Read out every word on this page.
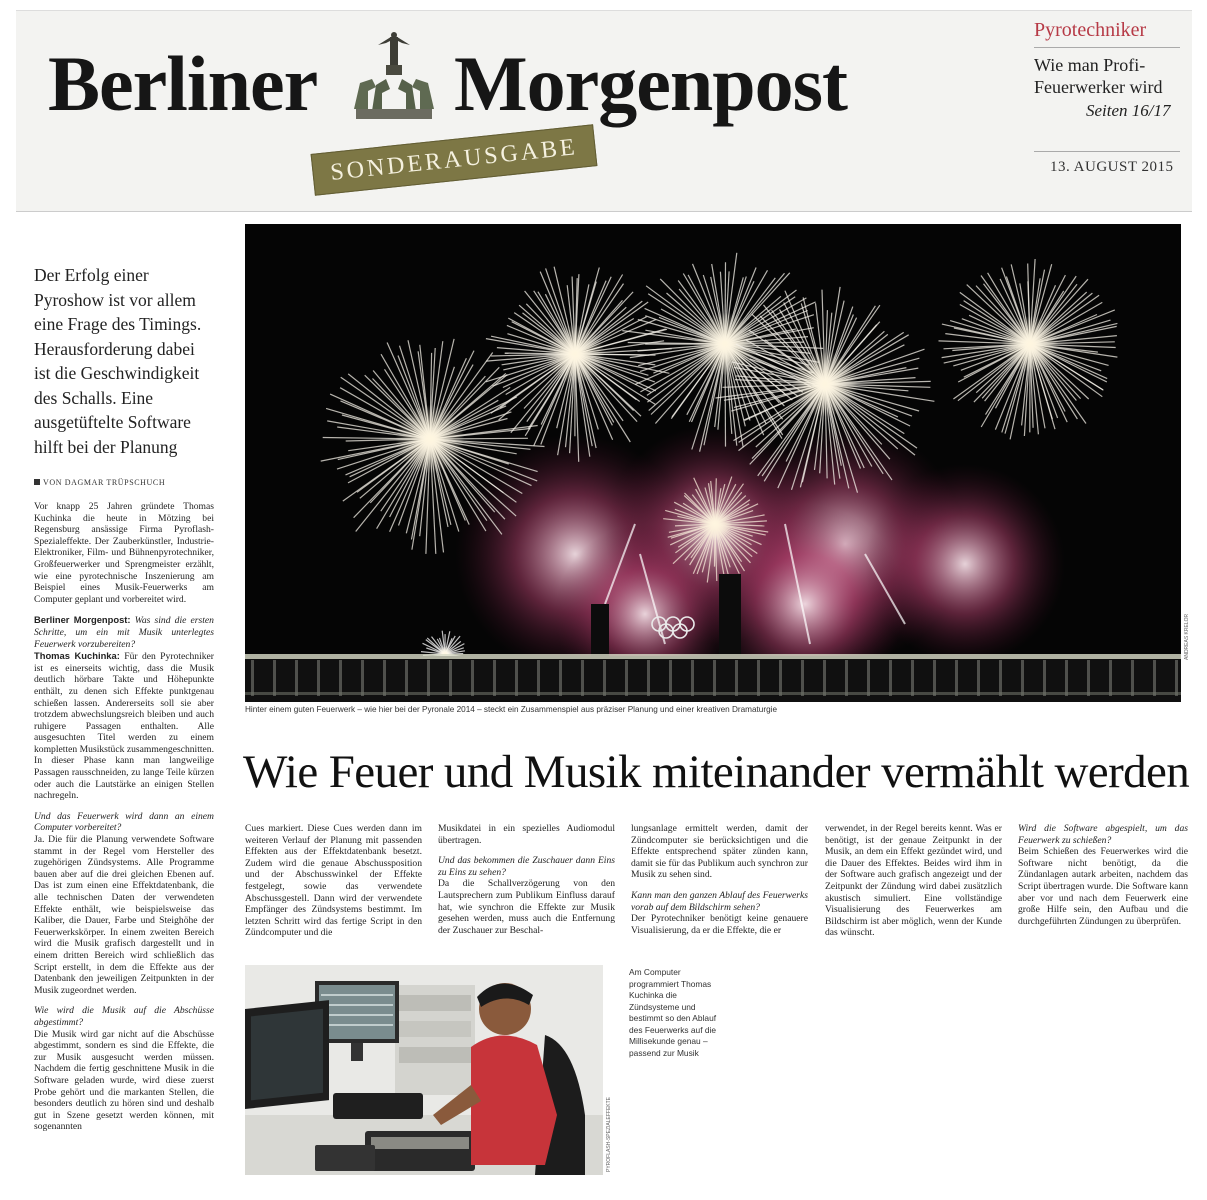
Berliner Morgenpost
SONDERAUSGABE
Pyrotechniker
Wie man Profi-
Feuerwerker wird
Seiten 16/17
13. AUGUST 2015
Der Erfolg einer Pyroshow ist vor allem eine Frage des Timings. Herausforderung dabei ist die Geschwindigkeit des Schalls. Eine ausgetüftelte Software hilft bei der Planung
VON DAGMAR TRÜPSCHUCH

Vor knapp 25 Jahren gründete Thomas Kuchinka die heute in Mötzing bei Regensburg ansässige Firma Pyroflash-Spezialeffekte. Der Zauberkünstler, Industrie-Elektroniker, Film- und Bühnenpyrotechniker, Großfeuerwerker und Sprengmeister erzählt, wie eine pyrotechnische Inszenierung am Beispiel eines Musik-Feuerwerks am Computer geplant und vorbereitet wird.

Berliner Morgenpost: Was sind die ersten Schritte, um ein mit Musik unterlegtes Feuerwerk vorzubereiten?

Thomas Kuchinka: Für den Pyrotechniker ist es einerseits wichtig, dass die Musik deutlich hörbare Takte und Höhepunkte enthält, zu denen sich Effekte punktgenau schießen lassen. Andererseits soll sie aber trotzdem abwechslungsreich bleiben und auch ruhigere Passagen enthalten. Alle ausgesuchten Titel werden zu einem kompletten Musikstück zusammengeschnitten. In dieser Phase kann man langweilige Passagen rausschneiden, zu lange Teile kürzen oder auch die Lautstärke an einigen Stellen nachregeln.

Und das Feuerwerk wird dann an einem Computer vorbereitet?

Ja. Die für die Planung verwendete Software stammt in der Regel vom Hersteller des zugehörigen Zündsystems. Alle Programme bauen aber auf die drei gleichen Ebenen auf. Das ist zum einen eine Effektdatenbank, die alle technischen Daten der verwendeten Effekte enthält, wie beispielsweise das Kaliber, die Dauer, Farbe und Steighöhe der Feuerwerkskörper. In einem zweiten Bereich wird die Musik grafisch dargestellt und in einem dritten Bereich wird schließlich das Script erstellt, in dem die Effekte aus der Datenbank den jeweiligen Zeitpunkten in der Musik zugeordnet werden.

Wie wird die Musik auf die Abschüsse abgestimmt?

Die Musik wird gar nicht auf die Abschüsse abgestimmt, sondern es sind die Effekte, die zur Musik ausgesucht werden müssen. Nachdem die fertig geschnittene Musik in die Software geladen wurde, wird diese zuerst Probe gehört und die markanten Stellen, die besonders deutlich zu hören sind und deshalb gut in Szene gesetzt werden können, mit sogenannten

ANDREAS KRELOR
Hinter einem guten Feuerwerk – wie hier bei der Pyronale 2014 – steckt ein Zusammenspiel aus präziser Planung und einer kreativen Dramaturgie
Wie Feuer und Musik miteinander vermählt werden

Cues markiert. Diese Cues werden dann im weiteren Verlauf der Planung mit passenden Effekten aus der Effektdatenbank besetzt. Zudem wird die genaue Abschussposition und der Abschusswinkel der Effekte festgelegt, sowie das verwendete Abschussgestell. Dann wird der verwendete Empfänger des Zündsystems bestimmt. Im letzten Schritt wird das fertige Script in den Zündcomputer und die

Musikdatei in ein spezielles Audiomodul übertragen.

Und das bekommen die Zuschauer dann Eins zu Eins zu sehen?

Da die Schallverzögerung von den Lautsprechern zum Publikum Einfluss darauf hat, wie synchron die Effekte zur Musik gesehen werden, muss auch die Entfernung der Zuschauer zur Beschal-

lungsanlage ermittelt werden, damit der Zündcomputer sie berücksichtigen und die Effekte entsprechend später zünden kann, damit sie für das Publikum auch synchron zur Musik zu sehen sind.

Kann man den ganzen Ablauf des Feuerwerks vorab auf dem Bildschirm sehen?

Der Pyrotechniker benötigt keine genauere Visualisierung, da er die Effekte, die er

verwendet, in der Regel bereits kennt. Was er benötigt, ist der genaue Zeitpunkt in der Musik, an dem ein Effekt gezündet wird, und die Dauer des Effektes. Beides wird ihm in der Software auch grafisch angezeigt und der Zeitpunkt der Zündung wird dabei zusätzlich akustisch simuliert. Eine vollständige Visualisierung des Feuerwerkes am Bildschirm ist aber möglich, wenn der Kunde das wünscht.

Wird die Software abgespielt, um das Feuerwerk zu schießen?

Beim Schießen des Feuerwerkes wird die Software nicht benötigt, da die Zündanlagen autark arbeiten, nachdem das Script übertragen wurde. Die Software kann aber vor und nach dem Feuerwerk eine große Hilfe sein, den Aufbau und die durchgeführten Zündungen zu überprüfen.

PYROFLASH-SPEZIALEFFEKTE
Am Computer programmiert Thomas Kuchinka die Zündsysteme und bestimmt so den Ablauf des Feuerwerks auf die Millisekunde genau – passend zur Musik
